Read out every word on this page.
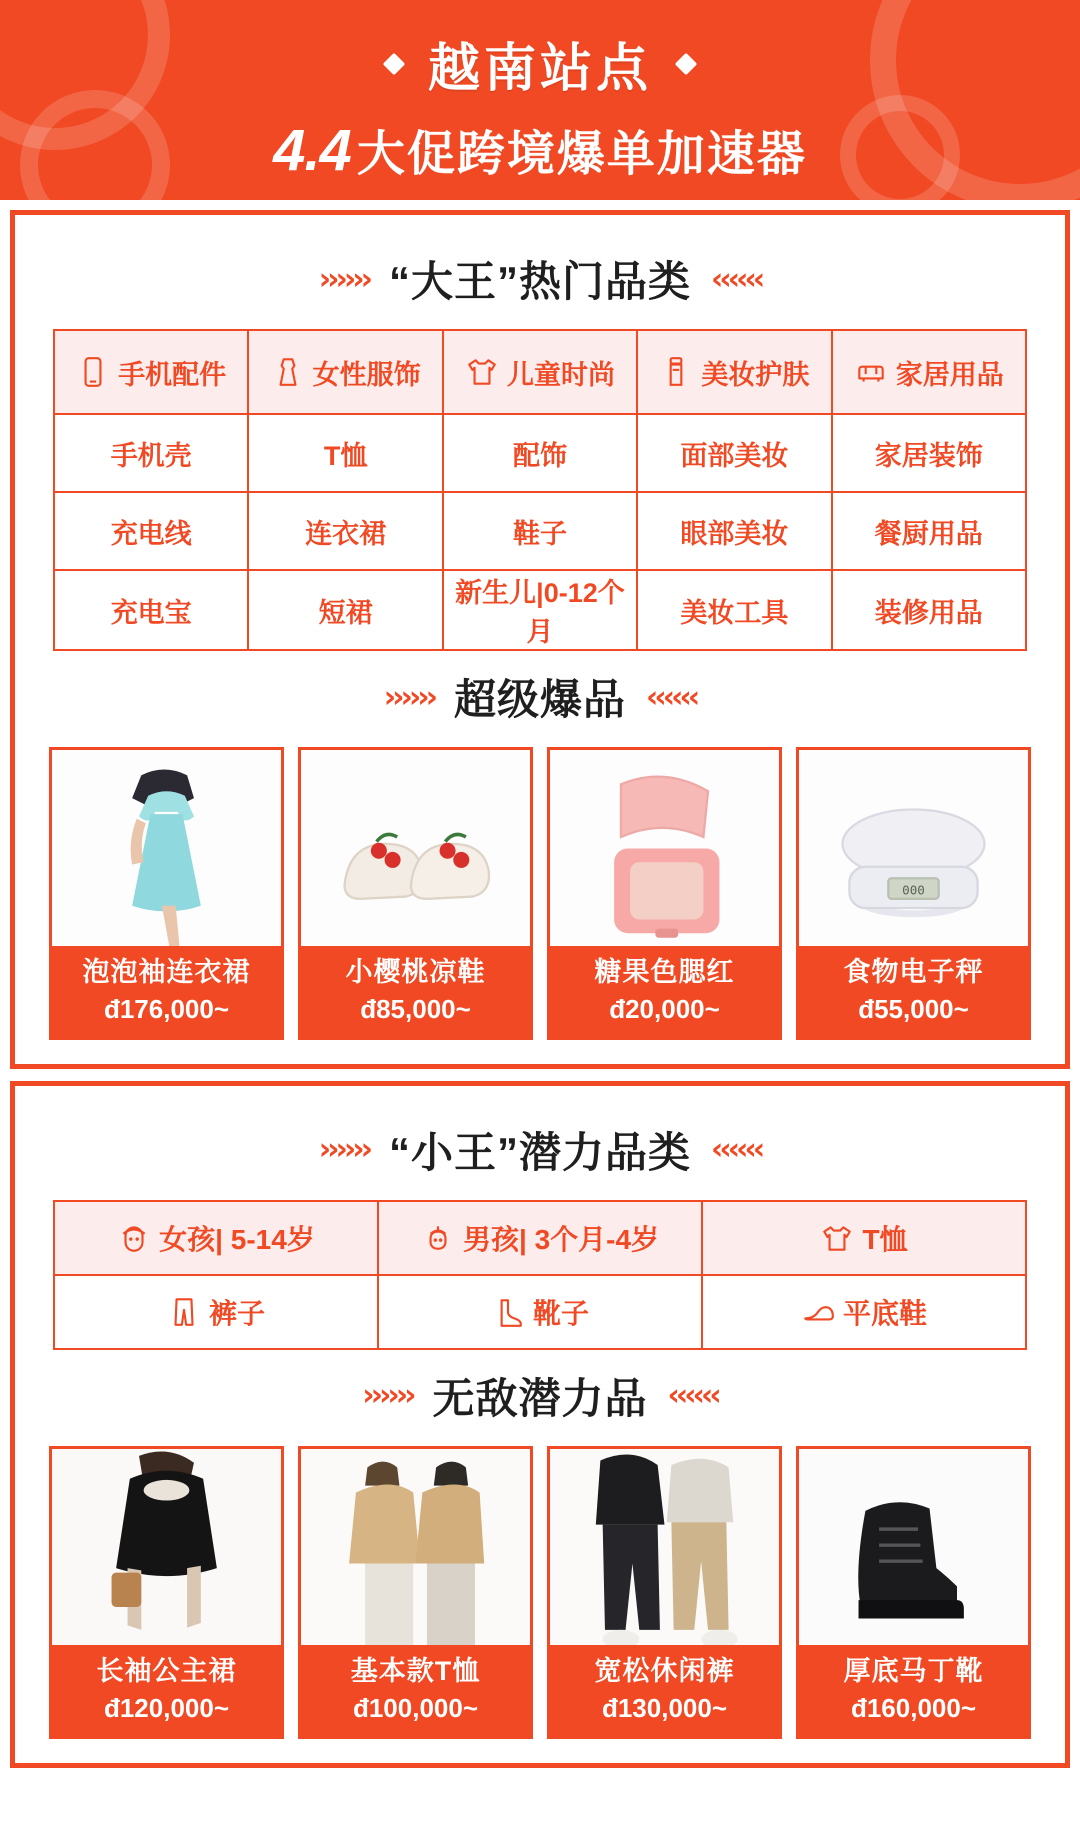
越南站点
4.4 大促跨境爆单加速器
›››››› “大王”热门品类 ‹‹‹‹‹‹
手机配件	女性服饰	儿童时尚	美妆护肤	家居用品

手机壳	T恤	配饰	面部美妆	家居装饰
充电线	连衣裙	鞋子	眼部美妆	餐厨用品
充电宝	短裙	新生儿|0-12个月	美妆工具	装修用品
›››››› 超级爆品 ‹‹‹‹‹‹
泡泡袖连衣裙
đ176,000~
小樱桃凉鞋
đ85,000~
糖果色腮红
đ20,000~
000
食物电子秤
đ55,000~
›››››› “小王”潜力品类 ‹‹‹‹‹‹
女孩| 5-14岁	男孩| 3个月-4岁	T恤

裤子	靴子	平底鞋
›››››› 无敌潜力品 ‹‹‹‹‹‹
长袖公主裙
đ120,000~
基本款T恤
đ100,000~
宽松休闲裤
đ130,000~
厚底马丁靴
đ160,000~
